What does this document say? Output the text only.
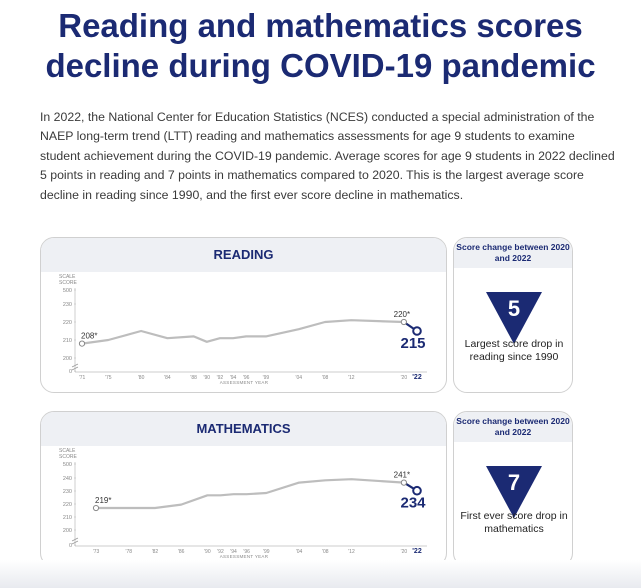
Reading and mathematics scores decline during COVID-19 pandemic
In 2022, the National Center for Education Statistics (NCES) conducted a special administration of the NAEP long-term trend (LTT) reading and mathematics assessments for age 9 students to examine student achievement during the COVID-19 pandemic. Average scores for age 9 students in 2022 declined 5 points in reading and 7 points in mathematics compared to 2020. This is the largest average score decline in reading since 1990, and the first ever score decline in mathematics.
READING
SCALE
SCORE
500
230
220
210
200
0
'71	'75	'80	'84	'88 '90 '92 '94 '96	'99	'04	'08	'12	'20 '22
ASSESSMENT YEAR
208*
220*
215
Score change between 2020 and 2022
5
Largest score drop in reading since 1990
MATHEMATICS
SCALE
SCORE
500
240
230
220
210
200
0
'73	'78	'82	'86	'90 '92 '94 '96	'99	'04	'08	'12	'20 '22
ASSESSMENT YEAR
219*
241*
234
Score change between 2020 and 2022
7
First ever score drop in mathematics
